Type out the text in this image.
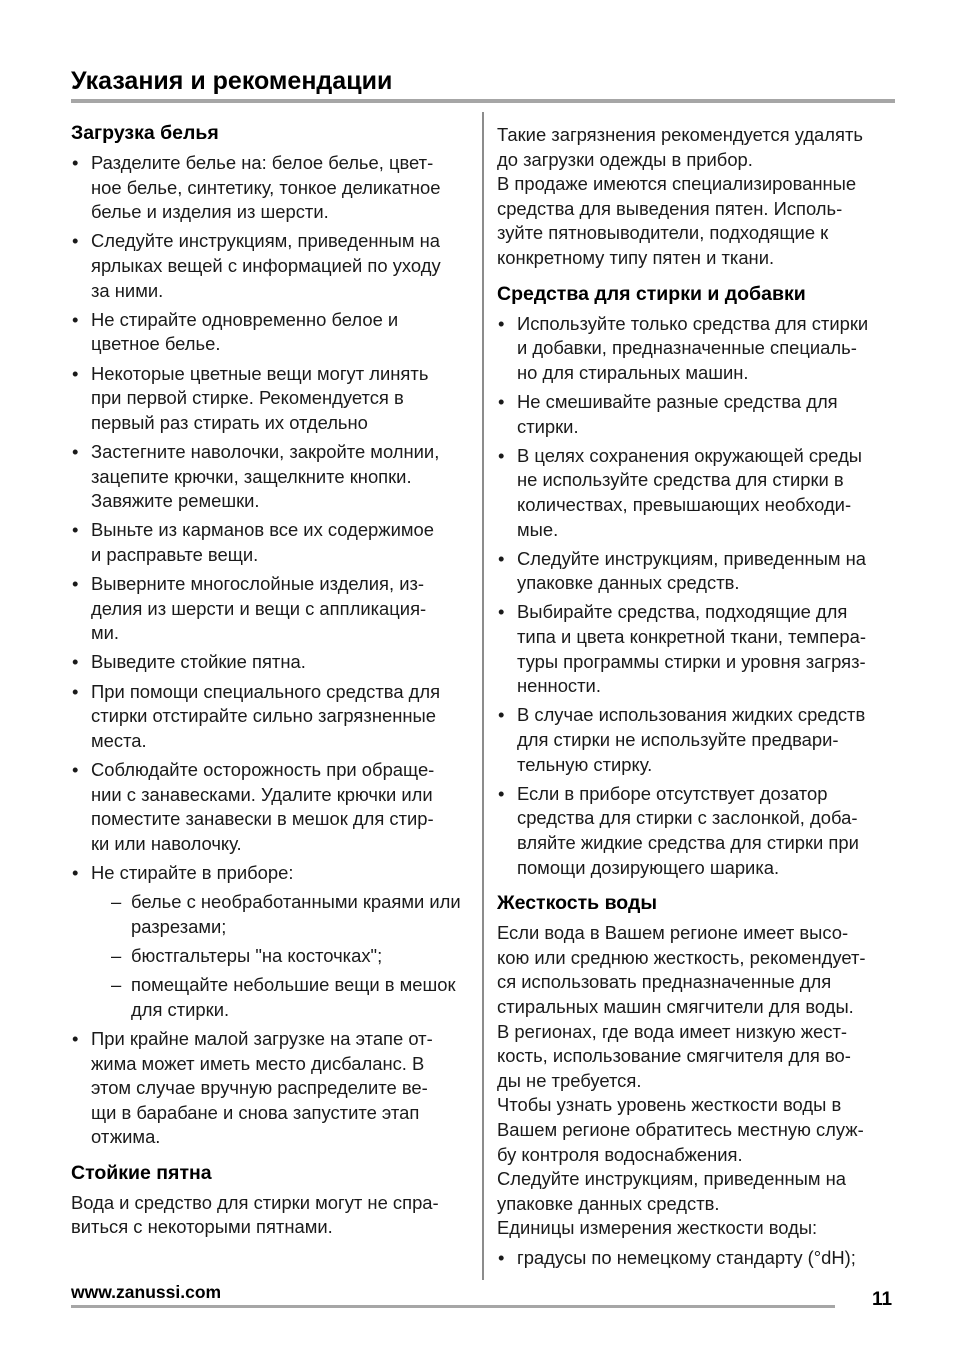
Указания и рекомендации
Загрузка белья
• Разделите белье на: белое белье, цвет-
ное белье, синтетику, тонкое деликатное
белье и изделия из шерсти.
• Следуйте инструкциям, приведенным на
ярлыках вещей с информацией по уходу
за ними.
• Не стирайте одновременно белое и
цветное белье.
• Некоторые цветные вещи могут линять
при первой стирке. Рекомендуется в
первый раз стирать их отдельно
• Застегните наволочки, закройте молнии,
зацепите крючки, защелкните кнопки.
Завяжите ремешки.
• Выньте из карманов все их содержимое
и расправьте вещи.
• Выверните многослойные изделия, из-
делия из шерсти и вещи с аппликация-
ми.
• Выведите стойкие пятна.
• При помощи специального средства для
стирки отстирайте сильно загрязненные
места.
• Соблюдайте осторожность при обраще-
нии с занавесками. Удалите крючки или
поместите занавески в мешок для стир-
ки или наволочку.
• Не стирайте в приборе:
– белье с необработанными краями или
разрезами;
– бюстгальтеры "на косточках";
– помещайте небольшие вещи в мешок
для стирки.
• При крайне малой загрузке на этапе от-
жима может иметь место дисбаланс. В
этом случае вручную распределите ве-
щи в барабане и снова запустите этап
отжима.
Стойкие пятна

Вода и средство для стирки могут не спра-
виться с некоторыми пятнами.

Такие загрязнения рекомендуется удалять
до загрузки одежды в прибор.
В продаже имеются специализированные
средства для выведения пятен. Исполь-
зуйте пятновыводители, подходящие к
конкретному типу пятен и ткани.

Средства для стирки и добавки
• Используйте только средства для стирки
и добавки, предназначенные специаль-
но для стиральных машин.
• Не смешивайте разные средства для
стирки.
• В целях сохранения окружающей среды
не используйте средства для стирки в
количествах, превышающих необходи-
мые.
• Следуйте инструкциям, приведенным на
упаковке данных средств.
• Выбирайте средства, подходящие для
типа и цвета конкретной ткани, темпера-
туры программы стирки и уровня загряз-
ненности.
• В случае использования жидких средств
для стирки не используйте предвари-
тельную стирку.
• Если в приборе отсутствует дозатор
средства для стирки с заслонкой, доба-
вляйте жидкие средства для стирки при
помощи дозирующего шарика.
Жесткость воды

Если вода в Вашем регионе имеет высо-
кою или среднюю жесткость, рекомендует-
ся использовать предназначенные для
стиральных машин смягчители для воды.
В регионах, где вода имеет низкую жест-
кость, использование смягчителя для во-
ды не требуется.
Чтобы узнать уровень жесткости воды в
Вашем регионе обратитесь местную служ-
бу контроля водоснабжения.
Следуйте инструкциям, приведенным на
упаковке данных средств.
Единицы измерения жесткости воды:

• градусы по немецкому стандарту (°dH);
www.zanussi.com	11
